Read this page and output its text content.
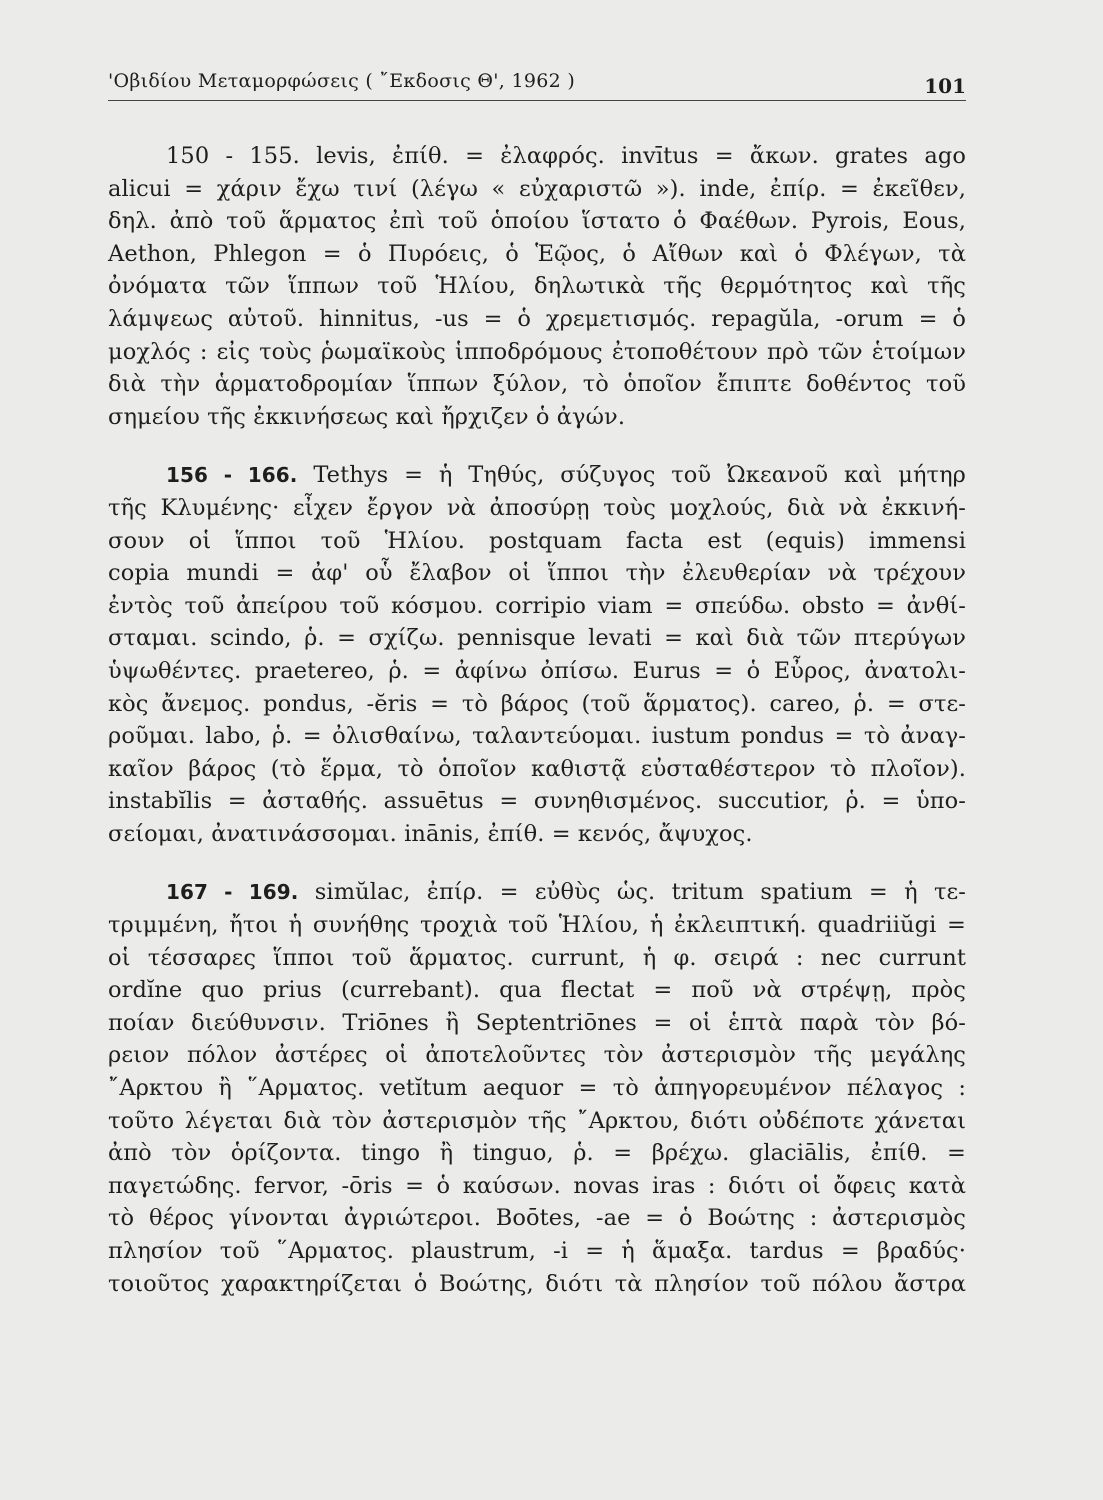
'Οβιδίου Μεταμορφώσεις ( ῎Εκδοσις Θ', 1962 )	101

150 - 155. levis, ἐπίθ. = ἐλαφρός. invītus = ἄκων. grates ago
alicui = χάριν ἔχω τινί (λέγω « εὐχαριστῶ »). inde, ἐπίρ. = ἐκεῖθεν,
δηλ. ἀπὸ τοῦ ἅρματος ἐπὶ τοῦ ὁποίου ἵστατο ὁ Φαέθων. Pyrois, Eous,
Aethon, Phlegon = ὁ Πυρόεις, ὁ Ἑῷος, ὁ Αἴθων καὶ ὁ Φλέγων, τὰ
ὀνόματα τῶν ἵππων τοῦ Ἡλίου, δηλωτικὰ τῆς θερμότητος καὶ τῆς
λάμψεως αὐτοῦ. hinnitus, -us = ὁ χρεμετισμός. repagŭla, -orum = ὁ
μοχλός : εἰς τοὺς ῥωμαϊκοὺς ἱπποδρόμους ἐτοποθέτουν πρὸ τῶν ἑτοίμων
διὰ τὴν ἁρματοδρομίαν ἵππων ξύλον, τὸ ὁποῖον ἔπιπτε δοθέντος τοῦ
σημείου τῆς ἐκκινήσεως καὶ ἤρχιζεν ὁ ἀγών.

156 - 166. Tethys = ἡ Τηθύς, σύζυγος τοῦ Ὠκεανοῦ καὶ μήτηρ
τῆς Κλυμένης· εἶχεν ἔργον νὰ ἀποσύρῃ τοὺς μοχλούς, διὰ νὰ ἐκκινή-
σουν οἱ ἵπποι τοῦ Ἡλίου. postquam facta est (equis) immensi
copia mundi = ἀφ' οὗ ἔλαβον οἱ ἵπποι τὴν ἐλευθερίαν νὰ τρέχουν
ἐντὸς τοῦ ἀπείρου τοῦ κόσμου. corripio viam = σπεύδω. obsto = ἀνθί-
σταμαι. scindo, ῥ. = σχίζω. pennisque levati = καὶ διὰ τῶν πτερύγων
ὑψωθέντες. praetereo, ῥ. = ἀφίνω ὀπίσω. Eurus = ὁ Εὖρος, ἀνατολι-
κὸς ἄνεμος. pondus, -ĕris = τὸ βάρος (τοῦ ἅρματος). careo, ῥ. = στε-
ροῦμαι. labo, ῥ. = ὀλισθαίνω, ταλαντεύομαι. iustum pondus = τὸ ἀναγ-
καῖον βάρος (τὸ ἕρμα, τὸ ὁποῖον καθιστᾷ εὐσταθέστερον τὸ πλοῖον).
instabĭlis = ἀσταθής. assuētus = συνηθισμένος. succutior, ῥ. = ὑπο-
σείομαι, ἀνατινάσσομαι. inānis, ἐπίθ. = κενός, ἄψυχος.

167 - 169. simŭlac, ἐπίρ. = εὐθὺς ὡς. tritum spatium = ἡ τε-
τριμμένη, ἤτοι ἡ συνήθης τροχιὰ τοῦ Ἡλίου, ἡ ἐκλειπτική. quadriiŭgi =
οἱ τέσσαρες ἵπποι τοῦ ἅρματος. currunt, ἡ φ. σειρά : nec currunt
ordĭne quo prius (currebant). qua flectat = ποῦ νὰ στρέψῃ, πρὸς
ποίαν διεύθυνσιν. Triōnes ἢ Septentriōnes = οἱ ἑπτὰ παρὰ τὸν βό-
ρειον πόλον ἀστέρες οἱ ἀποτελοῦντες τὸν ἀστερισμὸν τῆς μεγάλης
῎Αρκτου ἢ ῞Αρματος. vetĭtum aequor = τὸ ἀπηγορευμένον πέλαγος :
τοῦτο λέγεται διὰ τὸν ἀστερισμὸν τῆς ῎Αρκτου, διότι οὐδέποτε χάνεται
ἀπὸ τὸν ὁρίζοντα. tingo ἢ tinguo, ῥ. = βρέχω. glaciālis, ἐπίθ. =
παγετώδης. fervor, -ōris = ὁ καύσων. novas iras : διότι οἱ ὄφεις κατὰ
τὸ θέρος γίνονται ἀγριώτεροι. Boōtes, -ae = ὁ Βοώτης : ἀστερισμὸς
πλησίον τοῦ ῞Αρματος. plaustrum, -i = ἡ ἅμαξα. tardus = βραδύς·
τοιοῦτος χαρακτηρίζεται ὁ Βοώτης, διότι τὰ πλησίον τοῦ πόλου ἄστρα
